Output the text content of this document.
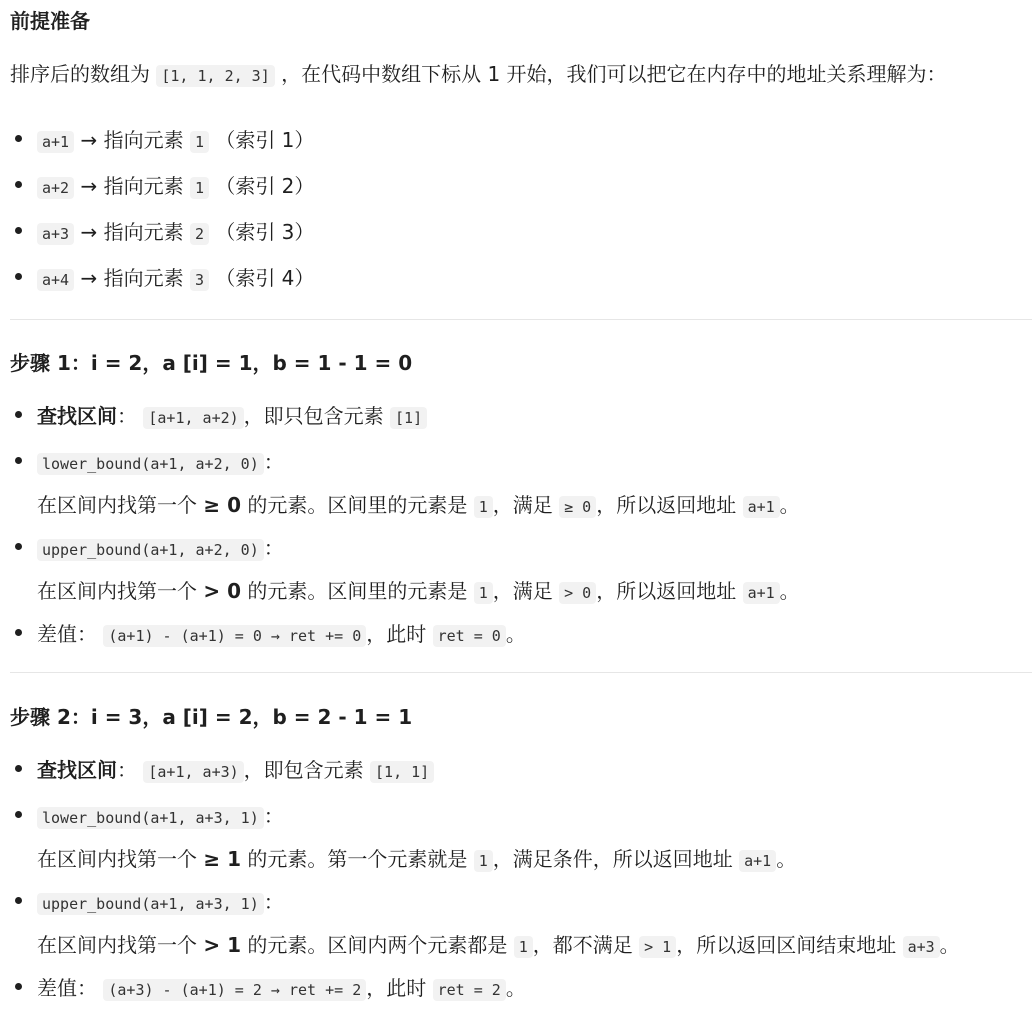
前提准备
排序后的数组为 [1, 1, 2, 3] ，在代码中数组下标从 1 开始，我们可以把它在内存中的地址关系理解为：
a+1 → 指向元素 1 （索引 1）
a+2 → 指向元素 1 （索引 2）
a+3 → 指向元素 2 （索引 3）
a+4 → 指向元素 3 （索引 4）
步骤 1：i = 2，a [i] = 1，b = 1 - 1 = 0
查找区间： [a+1, a+2) ，即只包含元素 [1]
lower_bound(a+1, a+2, 0) ：
在区间内找第一个 ≥ 0 的元素。区间里的元素是 1 ，满足 ≥ 0 ，所以返回地址 a+1 。
upper_bound(a+1, a+2, 0) ：
在区间内找第一个 > 0 的元素。区间里的元素是 1 ，满足 > 0 ，所以返回地址 a+1 。
差值： (a+1) - (a+1) = 0 → ret += 0 ，此时 ret = 0 。
步骤 2：i = 3，a [i] = 2，b = 2 - 1 = 1
查找区间： [a+1, a+3) ，即包含元素 [1, 1]
lower_bound(a+1, a+3, 1) ：
在区间内找第一个 ≥ 1 的元素。第一个元素就是 1 ，满足条件，所以返回地址 a+1 。
upper_bound(a+1, a+3, 1) ：
在区间内找第一个 > 1 的元素。区间内两个元素都是 1 ，都不满足 > 1 ，所以返回区间结束地址 a+3 。
差值： (a+3) - (a+1) = 2 → ret += 2 ，此时 ret = 2 。
